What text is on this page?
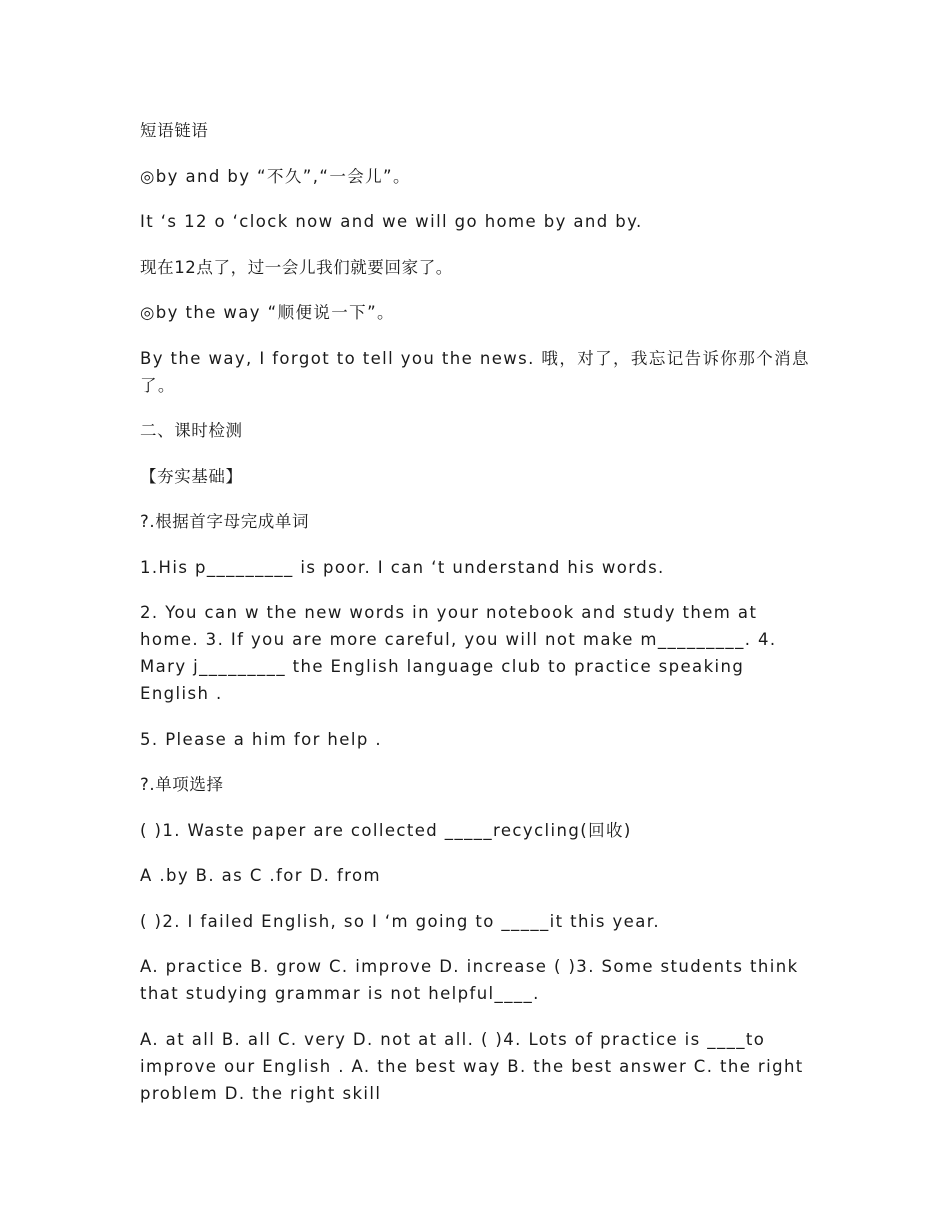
短语链语

◎by and by “不久”,“一会儿”。

It ‘s 12 o ‘clock now and we will go home by and by.

现在12点了，过一会儿我们就要回家了。

◎by the way “顺便说一下”。

By the way, I forgot to tell you the news. 哦，对了，我忘记告诉你那个消息了。

二、课时检测

【夯实基础】

?.根据首字母完成单词

1.His p_________ is poor. I can ‘t understand his words.

2. You can w the new words in your notebook and study them at home. 3. If you are more careful, you will not make m_________. 4. Mary j_________ the English language club to practice speaking English .

5. Please a him for help .

?.单项选择

( )1. Waste paper are collected _____recycling(回收)

A .by B. as C .for D. from

( )2. I failed English, so I ‘m going to _____it this year.

A. practice B. grow C. improve D. increase ( )3. Some students think that studying grammar is not helpful____.

A. at all B. all C. very D. not at all. ( )4. Lots of practice is ____to improve our English . A. the best way B. the best answer C. the right problem D. the right skill
